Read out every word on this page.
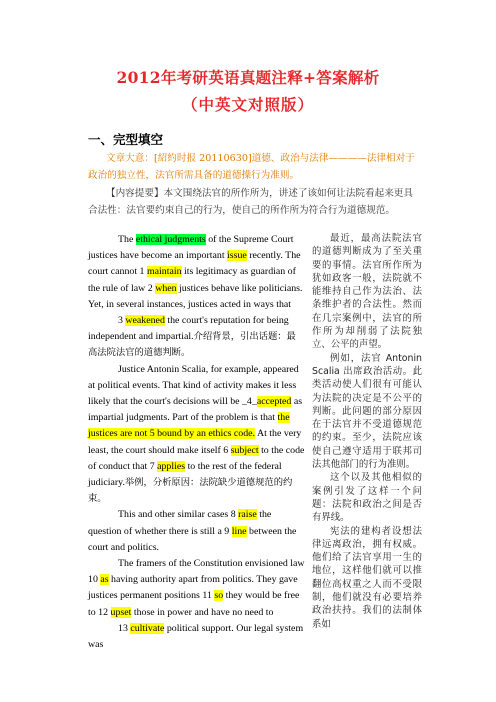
2012年考研英语真题注释+答案解析
（中英文对照版）
一、完型填空
文章大意：[紹約时报 20110630]道德、政治与法律————法律相对于政治的独立性，法官所需具备的道德操行为准则。
【内容提要】本文围绕法官的所作所为，讲述了该如何让法院看起来更具合法性：法官要约束自己的行为，使自己的所作所为符合行为道德规范。

The ethical judgments of the Supreme Court justices have become an important issue recently. The court cannot 1 maintain its legitimacy as guardian of the rule of law 2 when justices behave like politicians. Yet, in several instances, justices acted in ways that

3 weakened the court's reputation for being independent and impartial.介绍背景，引出话题：最高法院法官的道德判断。

Justice Antonin Scalia, for example, appeared at political events. That kind of activity makes it less likely that the court's decisions will be _4_accepted as impartial judgments. Part of the problem is that the justices are not 5 bound by an ethics code. At the very least, the court should make itself 6 subject to the code of conduct that 7 applies to the rest of the federal judiciary.举例，分析原因：法院缺少道德规范的约束。

This and other similar cases 8 raise the question of whether there is still a 9 line between the court and politics.

The framers of the Constitution envisioned law 10 as having authority apart from politics. They gave justices permanent positions 11 so they would be free to 12 upset those in power and have no need to

13 cultivate political support. Our legal system was

最近，最高法院法官的道德判断成为了至关重要的事情。法官所作所为犹如政客一般，法院就不能维持自己作为法治、法条维护者的合法性。然而在几宗案例中，法官的所作所为却削弱了法院独立、公平的声望。

例如，法官 Antonin Scalia 出席政治活动。此类活动使人们很有可能认为法院的决定是不公平的判断。此问题的部分原因在于法官并不受道德规范的约束。至少，法院应该使自己遵守适用于联邦司法其他部门的行为准则。

这个以及其他相似的案例引发了这样一个问题：法院和政治之间是否有界线。

宪法的建构者设想法律远离政治，拥有权威。他们给了法官享用一生的地位，这样他们就可以推翻位高权重之人而不受限制，他们就没有必要培养政治扶持。我们的法制体系如
